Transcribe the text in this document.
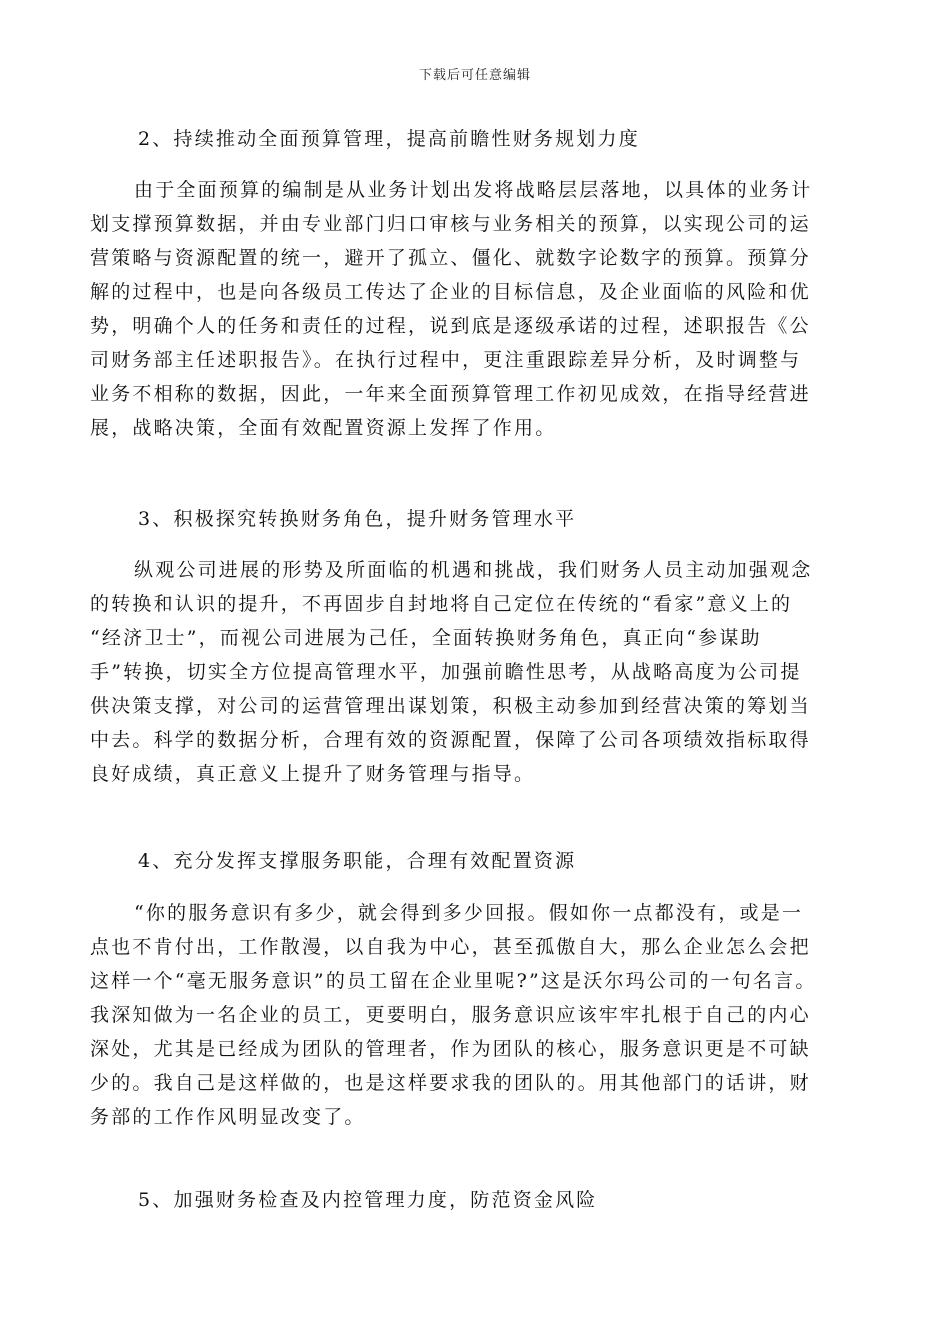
下载后可任意编辑
2、持续推动全面预算管理，提高前瞻性财务规划力度
由于全面预算的编制是从业务计划出发将战略层层落地，以具体的业务计
划支撑预算数据，并由专业部门归口审核与业务相关的预算，以实现公司的运
营策略与资源配置的统一，避开了孤立、僵化、就数字论数字的预算。预算分
解的过程中，也是向各级员工传达了企业的目标信息，及企业面临的风险和优
势，明确个人的任务和责任的过程，说到底是逐级承诺的过程，述职报告《公
司财务部主任述职报告》。在执行过程中，更注重跟踪差异分析，及时调整与
业务不相称的数据，因此，一年来全面预算管理工作初见成效，在指导经营进
展，战略决策，全面有效配置资源上发挥了作用。
3、积极探究转换财务角色，提升财务管理水平
纵观公司进展的形势及所面临的机遇和挑战，我们财务人员主动加强观念
的转换和认识的提升，不再固步自封地将自己定位在传统的“看家”意义上的
“经济卫士”，而视公司进展为己任，全面转换财务角色，真正向“参谋助
手”转换，切实全方位提高管理水平，加强前瞻性思考，从战略高度为公司提
供决策支撑，对公司的运营管理出谋划策，积极主动参加到经营决策的筹划当
中去。科学的数据分析，合理有效的资源配置，保障了公司各项绩效指标取得
良好成绩，真正意义上提升了财务管理与指导。
4、充分发挥支撑服务职能，合理有效配置资源
“你的服务意识有多少，就会得到多少回报。假如你一点都没有，或是一
点也不肯付出，工作散漫，以自我为中心，甚至孤傲自大，那么企业怎么会把
这样一个“毫无服务意识”的员工留在企业里呢?”这是沃尔玛公司的一句名言。
我深知做为一名企业的员工，更要明白，服务意识应该牢牢扎根于自己的内心
深处，尤其是已经成为团队的管理者，作为团队的核心，服务意识更是不可缺
少的。我自己是这样做的，也是这样要求我的团队的。用其他部门的话讲，财
务部的工作作风明显改变了。
5、加强财务检查及内控管理力度，防范资金风险
